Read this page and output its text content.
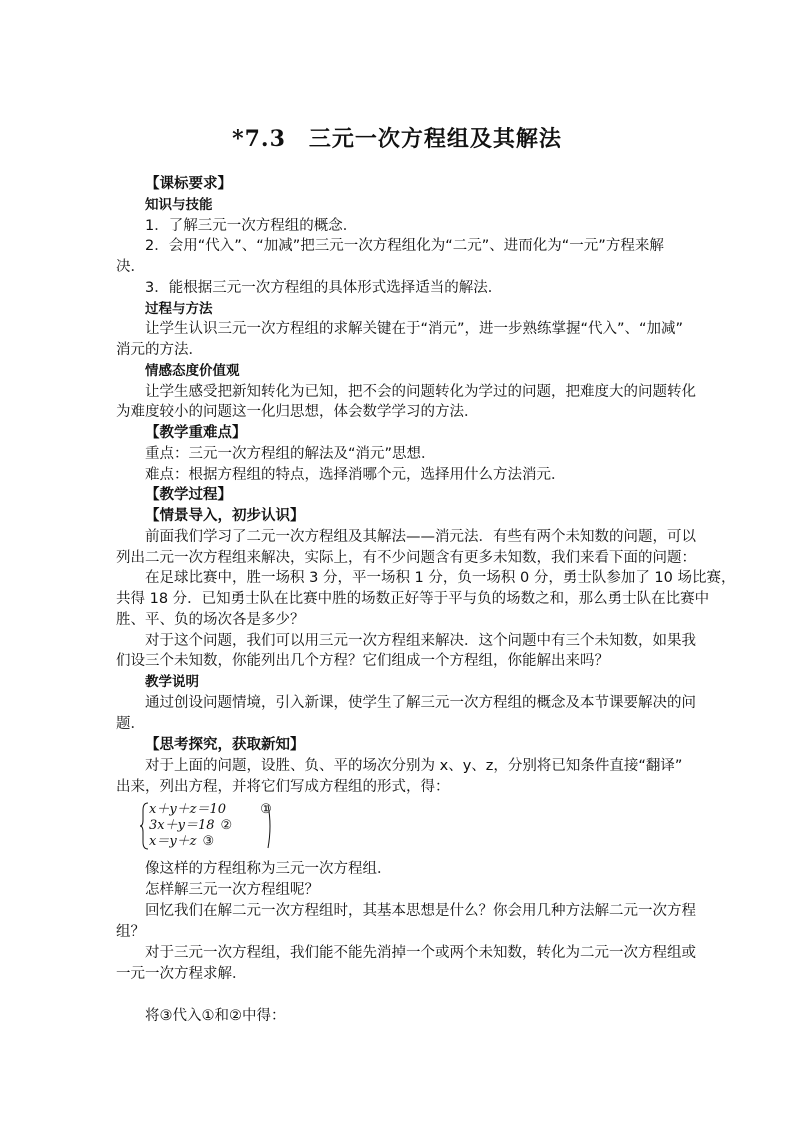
*7.3　三元一次方程组及其解法
【课标要求】
知识与技能
1．了解三元一次方程组的概念．
2．会用“代入”、“加减”把三元一次方程组化为“二元”、进而化为“一元”方程来解
决．
3．能根据三元一次方程组的具体形式选择适当的解法．
过程与方法
让学生认识三元一次方程组的求解关键在于“消元”，进一步熟练掌握“代入”、“加减”
消元的方法．
情感态度价值观
让学生感受把新知转化为已知，把不会的问题转化为学过的问题，把难度大的问题转化
为难度较小的问题这一化归思想，体会数学学习的方法．
【教学重难点】
重点：三元一次方程组的解法及“消元”思想．
难点：根据方程组的特点，选择消哪个元，选择用什么方法消元．
【教学过程】
【情景导入，初步认识】
前面我们学习了二元一次方程组及其解法——消元法．有些有两个未知数的问题，可以
列出二元一次方程组来解决，实际上，有不少问题含有更多未知数，我们来看下面的问题：
在足球比赛中，胜一场积 3 分，平一场积 1 分，负一场积 0 分，勇士队参加了 10 场比赛，
共得 18 分．已知勇士队在比赛中胜的场数正好等于平与负的场数之和，那么勇士队在比赛中
胜、平、负的场次各是多少？
对于这个问题，我们可以用三元一次方程组来解决．这个问题中有三个未知数，如果我
们设三个未知数，你能列出几个方程？它们组成一个方程组，你能解出来吗？
教学说明
通过创设问题情境，引入新课，使学生了解三元一次方程组的概念及本节课要解决的问
题．
【思考探究，获取新知】
对于上面的问题，设胜、负、平的场次分别为 x、y、z，分别将已知条件直接“翻译”
出来，列出方程，并将它们写成方程组的形式，得：
x＋y＋z＝10	①
3x＋y＝18 ②
x＝y＋z ③
像这样的方程组称为三元一次方程组．
怎样解三元一次方程组呢？
回忆我们在解二元一次方程组时，其基本思想是什么？你会用几种方法解二元一次方程
组？
对于三元一次方程组，我们能不能先消掉一个或两个未知数，转化为二元一次方程组或
一元一次方程求解．
将③代入①和②中得：
